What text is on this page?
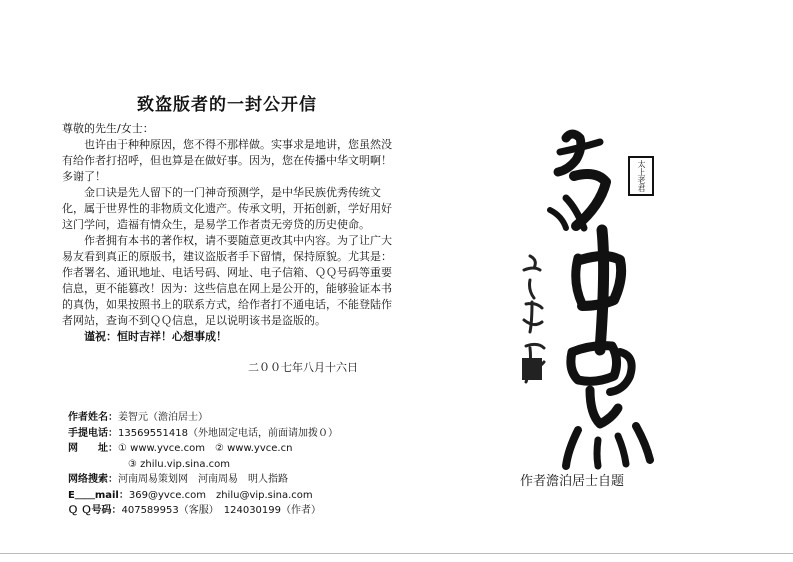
致盗版者的一封公开信

尊敬的先生/女士：

也许由于种种原因，您不得不那样做。实事求是地讲，您虽然没有给作者打招呼，但也算是在做好事。因为，您在传播中华文明啊！多谢了！

金口诀是先人留下的一门神奇预测学，是中华民族优秀传统文化，属于世界性的非物质文化遗产。传承文明，开拓创新，学好用好这门学问，造福有情众生，是易学工作者责无旁贷的历史使命。

作者拥有本书的著作权，请不要随意更改其中内容。为了让广大易友看到真正的原版书，建议盗版者手下留情，保持原貌。尤其是：作者署名、通讯地址、电话号码、网址、电子信箱、ＱＱ号码等重要信息，更不能篡改！因为：这些信息在网上是公开的，能够验证本书的真伪，如果按照书上的联系方式，给作者打不通电话，不能登陆作者网站，查询不到ＱＱ信息，足以说明该书是盗版的。

谨祝：恒时吉祥！心想事成！

二００七年八月十六日
作者姓名：姜智元（澹泊居士）
手提电话：13569551418（外地固定电话，前面请加拨０）
网　　址：① www.yvce.com　② www.yvce.cn
③ zhilu.vip.sina.com
网络搜索：河南周易策划网　河南周易　明人指路
E＿＿mail：369@yvce.com　zhilu@vip.sina.com
Ｑ Ｑ号码：407589953（客服）　124030199（作者）
太上老君
作者澹泊居士自题
